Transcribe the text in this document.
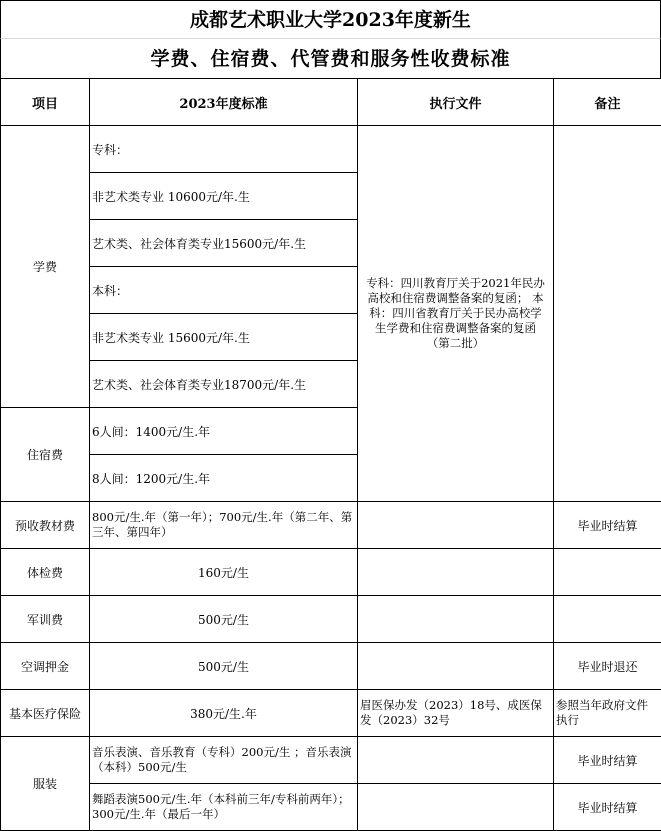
成都艺术职业大学2023年度新生
学费、住宿费、代管费和服务性收费标准
项目	2023年度标准	执行文件	备注
学费	专科：	专科：四川教育厅关于2021年民办高校和住宿费调整备案的复函； 本科：四川省教育厅关于民办高校学生学费和住宿费调整备案的复函（第二批）	
	非艺术类专业 10600元/年.生		
	艺术类、社会体育类专业15600元/年.生		
	本科：		
	非艺术类专业 15600元/年.生		
	艺术类、社会体育类专业18700元/年.生		
住宿费	6人间：1400元/生.年		
	8人间：1200元/生.年		
预收教材费	800元/生.年（第一年）；700元/生.年（第二年、第三年、第四年）		毕业时结算
体检费	160元/生		
军训费	500元/生		
空调押金	500元/生		毕业时退还
基本医疗保险	380元/生.年	眉医保办发（2023）18号、成医保发（2023）32号	参照当年政府文件执行
服装	音乐表演、音乐教育（专科）200元/生 ；音乐表演（本科）500元/生		毕业时结算
	舞蹈表演500元/生.年（本科前三年/专科前两年）；300元/生.年（最后一年）		毕业时结算
